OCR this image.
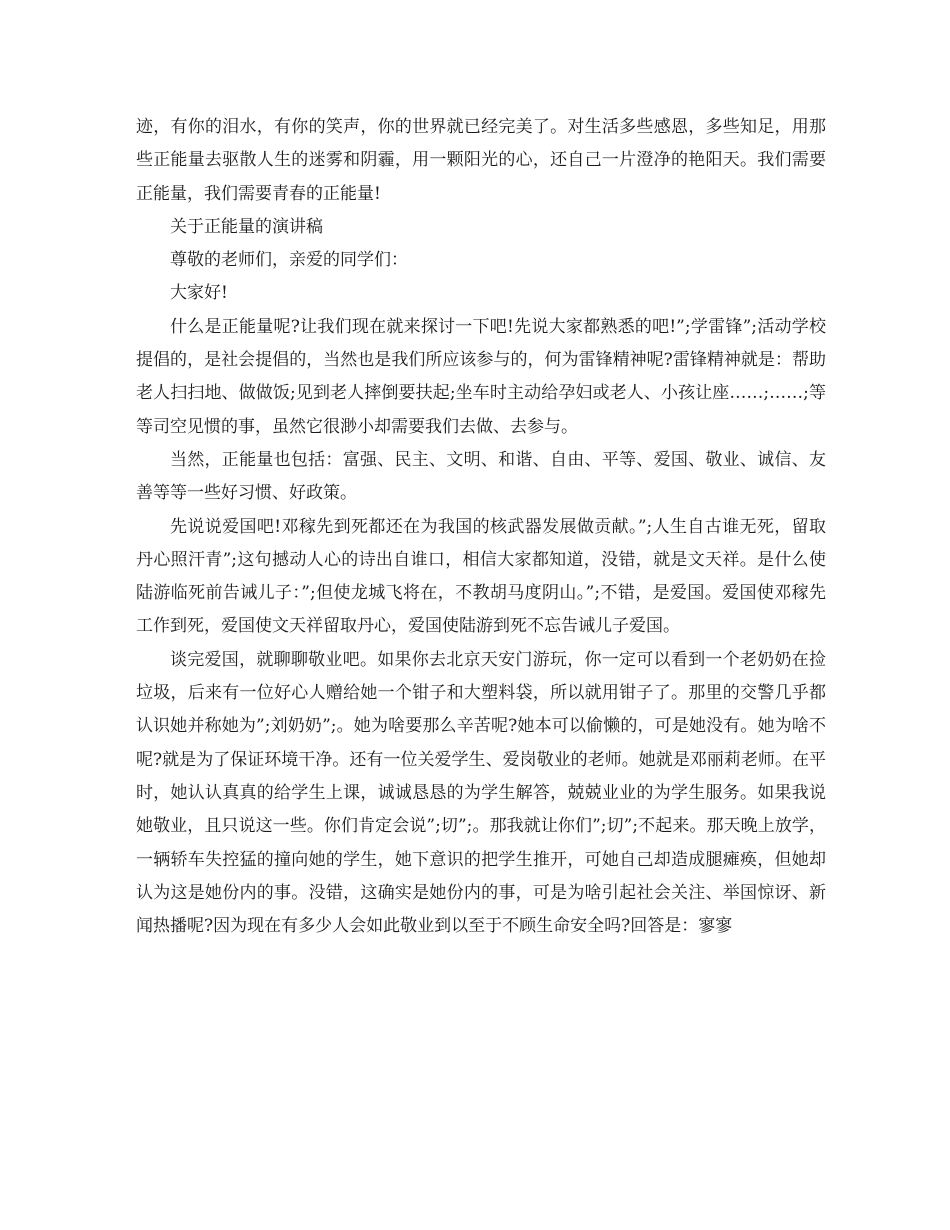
迹，有你的泪水，有你的笑声，你的世界就已经完美了。对生活多些感恩，多些知足，用那些正能量去驱散人生的迷雾和阴霾，用一颗阳光的心，还自己一片澄净的艳阳天。我们需要正能量，我们需要青春的正能量!

关于正能量的演讲稿

尊敬的老师们，亲爱的同学们：

大家好!

什么是正能量呢?让我们现在就来探讨一下吧!先说大家都熟悉的吧!”;学雷锋”;活动学校提倡的，是社会提倡的，当然也是我们所应该参与的，何为雷锋精神呢?雷锋精神就是：帮助老人扫扫地、做做饭;见到老人摔倒要扶起;坐车时主动给孕妇或老人、小孩让座……;……;等等司空见惯的事，虽然它很渺小却需要我们去做、去参与。

当然，正能量也包括：富强、民主、文明、和谐、自由、平等、爱国、敬业、诚信、友善等等一些好习惯、好政策。

先说说爱国吧!邓稼先到死都还在为我国的核武器发展做贡献。”;人生自古谁无死，留取丹心照汗青”;这句撼动人心的诗出自谁口，相信大家都知道，没错，就是文天祥。是什么使陆游临死前告诫儿子：”;但使龙城飞将在，不教胡马度阴山。”;不错，是爱国。爱国使邓稼先工作到死，爱国使文天祥留取丹心，爱国使陆游到死不忘告诫儿子爱国。

谈完爱国，就聊聊敬业吧。如果你去北京天安门游玩，你一定可以看到一个老奶奶在捡垃圾，后来有一位好心人赠给她一个钳子和大塑料袋，所以就用钳子了。那里的交警几乎都认识她并称她为”;刘奶奶”;。她为啥要那么辛苦呢?她本可以偷懒的，可是她没有。她为啥不呢?就是为了保证环境干净。还有一位关爱学生、爱岗敬业的老师。她就是邓丽莉老师。在平时，她认认真真的给学生上课，诚诚恳恳的为学生解答，兢兢业业的为学生服务。如果我说她敬业，且只说这一些。你们肯定会说”;切”;。那我就让你们”;切”;不起来。那天晚上放学，一辆轿车失控猛的撞向她的学生，她下意识的把学生推开，可她自己却造成腿瘫痪，但她却认为这是她份内的事。没错，这确实是她份内的事，可是为啥引起社会关注、举国惊讶、新闻热播呢?因为现在有多少人会如此敬业到以至于不顾生命安全吗?回答是：寥寥
